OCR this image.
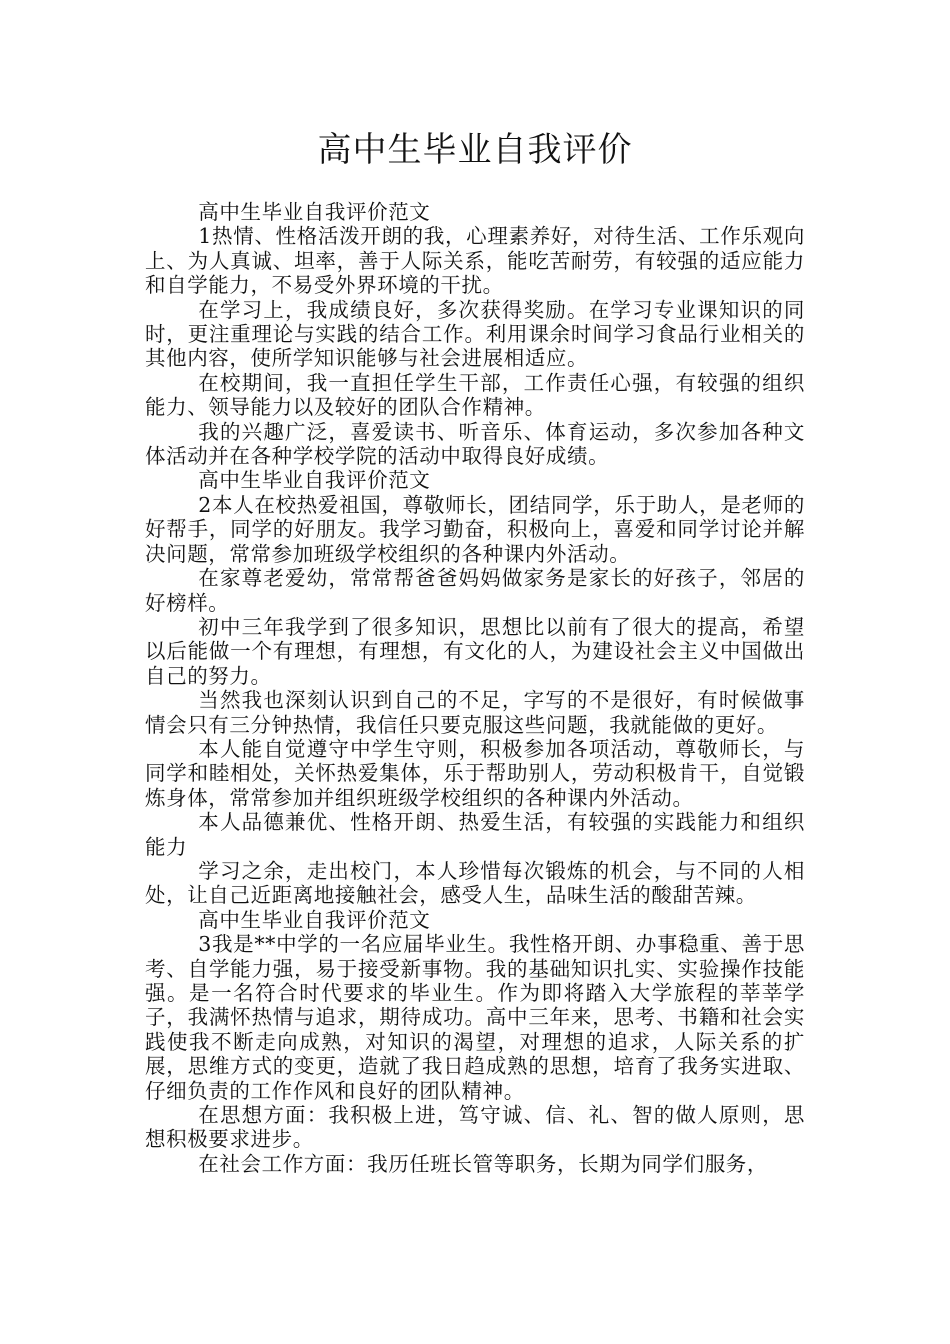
高中生毕业自我评价

高中生毕业自我评价范文

1热情、性格活泼开朗的我，心理素养好，对待生活、工作乐观向上、为人真诚、坦率，善于人际关系，能吃苦耐劳，有较强的适应能力和自学能力，不易受外界环境的干扰。

在学习上，我成绩良好，多次获得奖励。在学习专业课知识的同时，更注重理论与实践的结合工作。利用课余时间学习食品行业相关的其他内容，使所学知识能够与社会进展相适应。

在校期间，我一直担任学生干部，工作责任心强，有较强的组织能力、领导能力以及较好的团队合作精神。

我的兴趣广泛，喜爱读书、听音乐、体育运动，多次参加各种文体活动并在各种学校学院的活动中取得良好成绩。

高中生毕业自我评价范文

2本人在校热爱祖国，尊敬师长，团结同学，乐于助人，是老师的好帮手，同学的好朋友。我学习勤奋，积极向上，喜爱和同学讨论并解决问题，常常参加班级学校组织的各种课内外活动。

在家尊老爱幼，常常帮爸爸妈妈做家务是家长的好孩子，邻居的好榜样。

初中三年我学到了很多知识，思想比以前有了很大的提高，希望以后能做一个有理想，有理想，有文化的人，为建设社会主义中国做出自己的努力。

当然我也深刻认识到自己的不足，字写的不是很好，有时候做事情会只有三分钟热情，我信任只要克服这些问题，我就能做的更好。

本人能自觉遵守中学生守则，积极参加各项活动，尊敬师长，与同学和睦相处，关怀热爱集体，乐于帮助别人，劳动积极肯干，自觉锻炼身体，常常参加并组织班级学校组织的各种课内外活动。

本人品德兼优、性格开朗、热爱生活，有较强的实践能力和组织能力

学习之余，走出校门，本人珍惜每次锻炼的机会，与不同的人相处，让自己近距离地接触社会，感受人生，品味生活的酸甜苦辣。

高中生毕业自我评价范文

3我是**中学的一名应届毕业生。我性格开朗、办事稳重、善于思考、自学能力强，易于接受新事物。我的基础知识扎实、实验操作技能强。是一名符合时代要求的毕业生。作为即将踏入大学旅程的莘莘学子，我满怀热情与追求，期待成功。高中三年来，思考、书籍和社会实践使我不断走向成熟，对知识的渴望，对理想的追求，人际关系的扩展，思维方式的变更，造就了我日趋成熟的思想，培育了我务实进取、仔细负责的工作作风和良好的团队精神。

在思想方面：我积极上进，笃守诚、信、礼、智的做人原则，思想积极要求进步。

在社会工作方面：我历任班长管等职务，长期为同学们服务，
